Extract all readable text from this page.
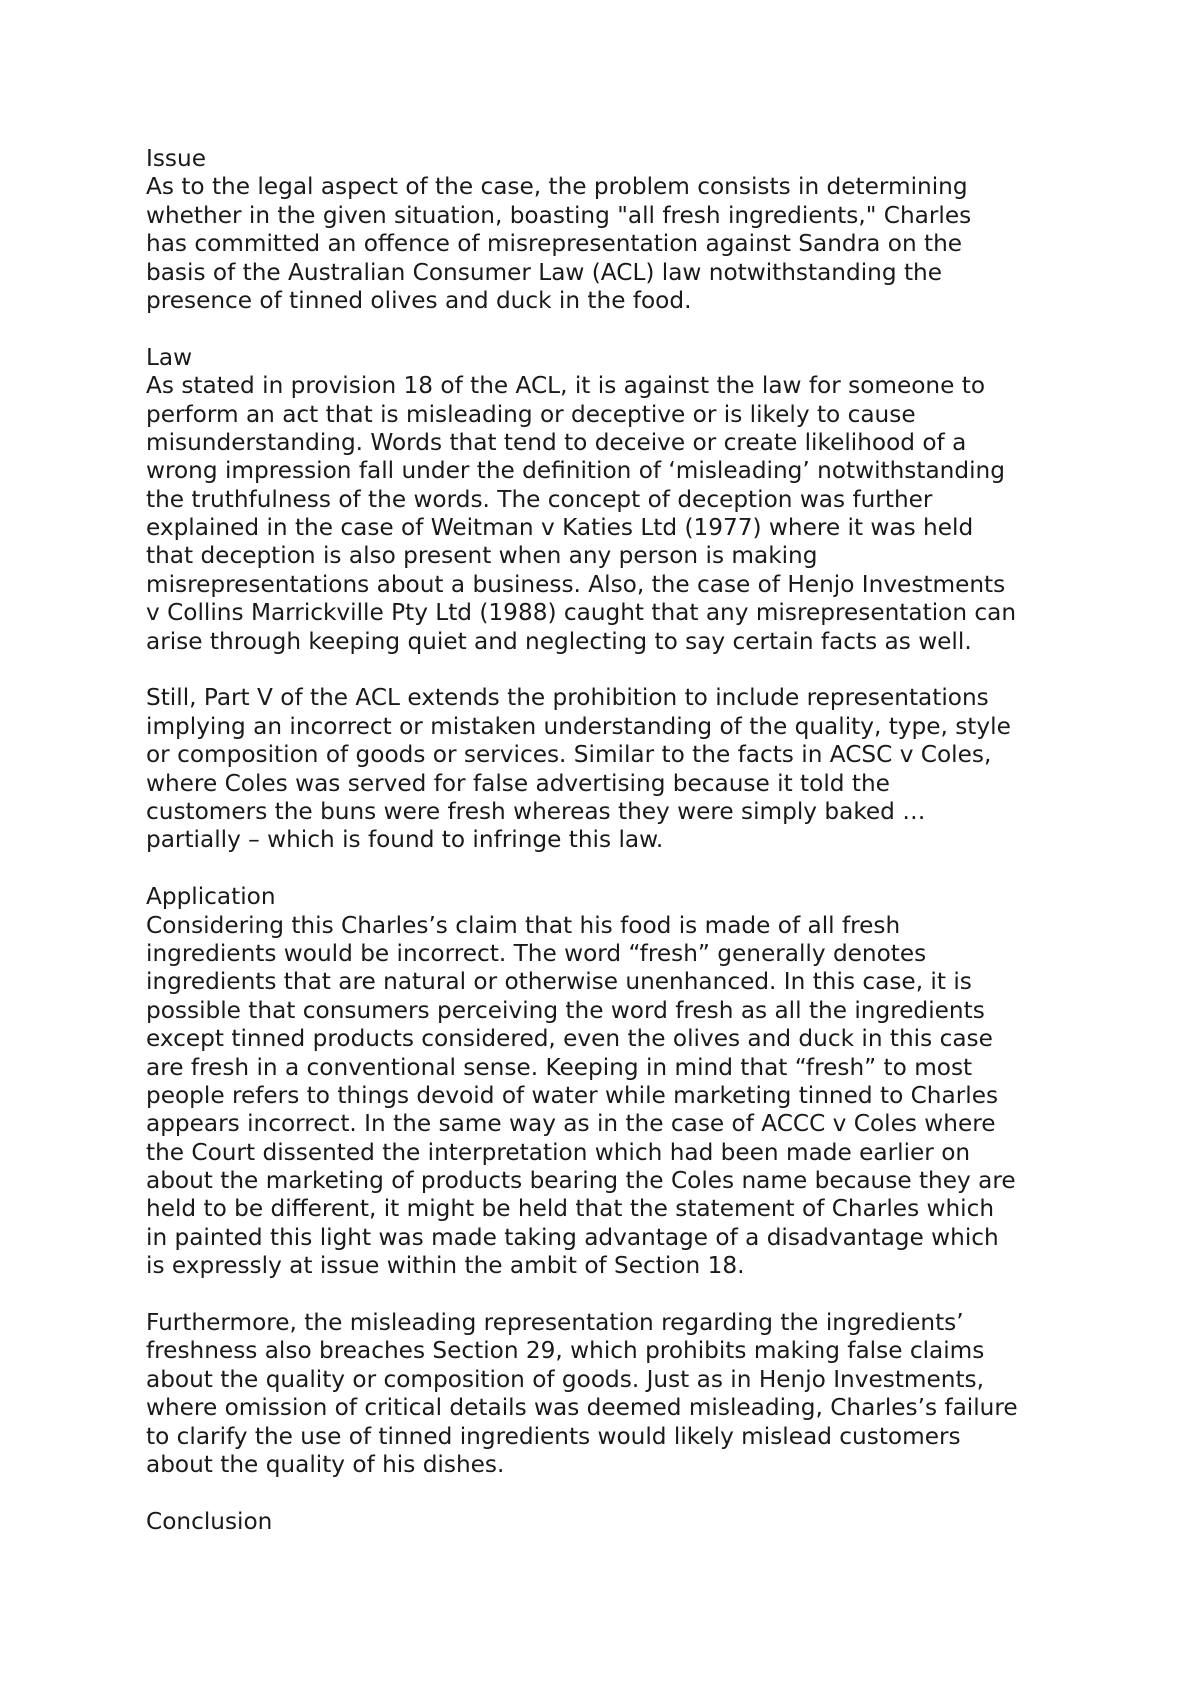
Issue
As to the legal aspect of the case, the problem consists in determining
whether in the given situation, boasting "all fresh ingredients," Charles
has committed an offence of misrepresentation against Sandra on the
basis of the Australian Consumer Law (ACL) law notwithstanding the
presence of tinned olives and duck in the food.
Law
As stated in provision 18 of the ACL, it is against the law for someone to
perform an act that is misleading or deceptive or is likely to cause
misunderstanding. Words that tend to deceive or create likelihood of a
wrong impression fall under the definition of ‘misleading’ notwithstanding
the truthfulness of the words. The concept of deception was further
explained in the case of Weitman v Katies Ltd (1977) where it was held
that deception is also present when any person is making
misrepresentations about a business. Also, the case of Henjo Investments
v Collins Marrickville Pty Ltd (1988) caught that any misrepresentation can
arise through keeping quiet and neglecting to say certain facts as well.
Still, Part V of the ACL extends the prohibition to include representations
implying an incorrect or mistaken understanding of the quality, type, style
or composition of goods or services. Similar to the facts in ACSC v Coles,
where Coles was served for false advertising because it told the
customers the buns were fresh whereas they were simply baked …
partially – which is found to infringe this law.
Application
Considering this Charles’s claim that his food is made of all fresh
ingredients would be incorrect. The word “fresh” generally denotes
ingredients that are natural or otherwise unenhanced. In this case, it is
possible that consumers perceiving the word fresh as all the ingredients
except tinned products considered, even the olives and duck in this case
are fresh in a conventional sense. Keeping in mind that “fresh” to most
people refers to things devoid of water while marketing tinned to Charles
appears incorrect. In the same way as in the case of ACCC v Coles where
the Court dissented the interpretation which had been made earlier on
about the marketing of products bearing the Coles name because they are
held to be different, it might be held that the statement of Charles which
in painted this light was made taking advantage of a disadvantage which
is expressly at issue within the ambit of Section 18.
Furthermore, the misleading representation regarding the ingredients’
freshness also breaches Section 29, which prohibits making false claims
about the quality or composition of goods. Just as in Henjo Investments,
where omission of critical details was deemed misleading, Charles’s failure
to clarify the use of tinned ingredients would likely mislead customers
about the quality of his dishes.
Conclusion
